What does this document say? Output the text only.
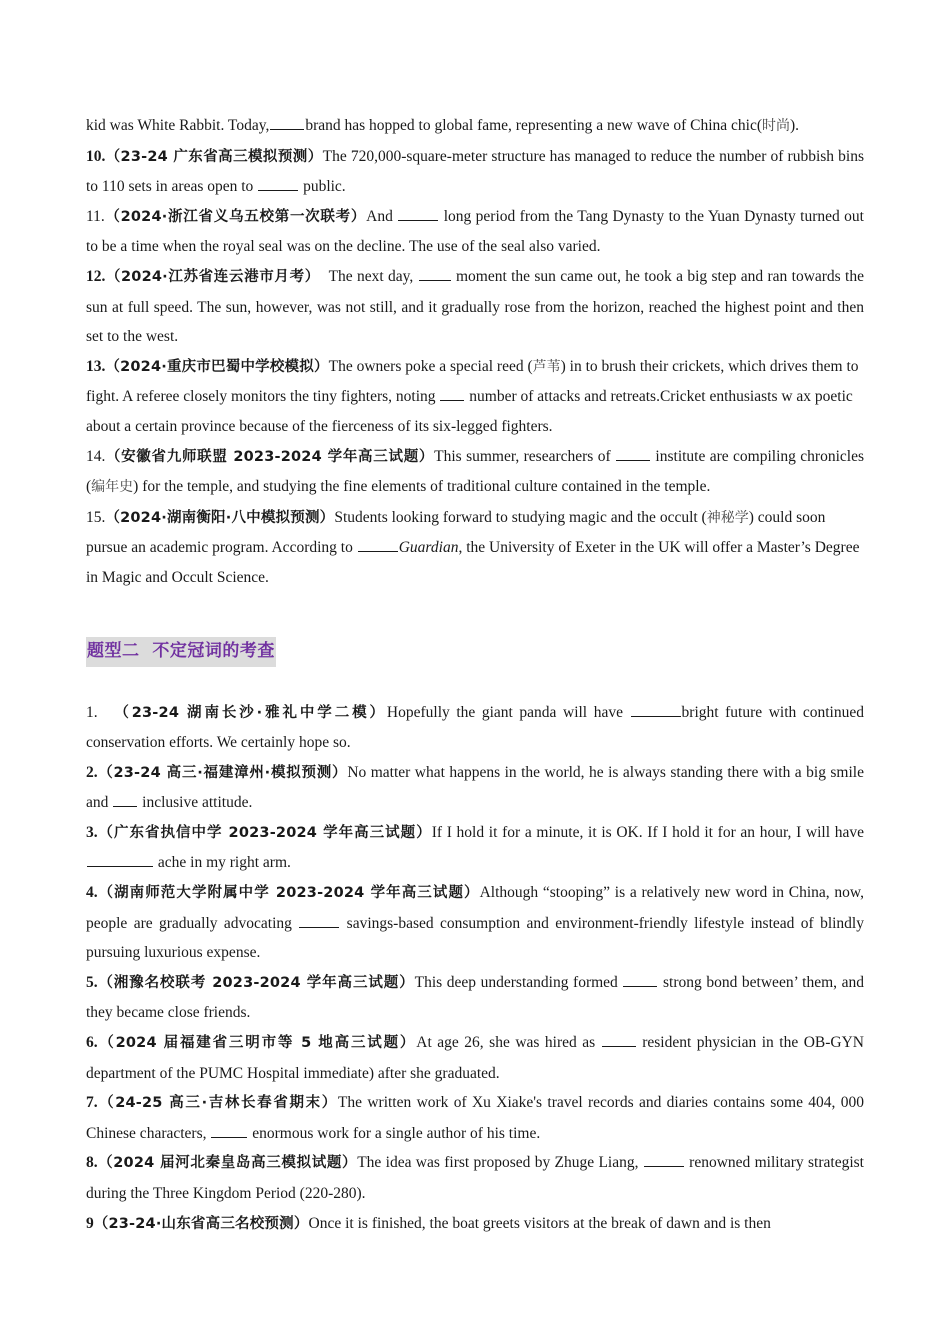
kid was White Rabbit. Today, brand has hopped to global fame, representing a new wave of China chic(时尚).

10.（23-24 广东省高三模拟预测）The 720,000-square-meter structure has managed to reduce the number of rubbish bins to 110 sets in areas open to	public.

11.（2024·浙江省义乌五校第一次联考）And	long period from the Tang Dynasty to the Yuan Dynasty turned out to be a time when the royal seal was on the decline. The use of the seal also varied.

12.（2024·江苏省连云港市月考）  The next day,  moment the sun came out, he took a big step and ran towards the sun at full speed. The sun, however, was not still, and it gradually rose from the horizon, reached the highest point and then set to the west.

13.（2024·重庆市巴蜀中学校模拟）The owners poke a special reed (芦苇) in to brush their crickets, which drives them to fight. A referee closely monitors the tiny fighters, noting  number of attacks and retreats.Cricket enthusiasts w ax poetic about a certain province because of the fierceness of its six-legged fighters.

14.（安徽省九师联盟 2023-2024 学年高三试题）This summer, researchers of  institute are compiling chronicles (编年史) for the temple, and studying the fine elements of traditional culture contained in the temple.

15.（2024·湖南衡阳·八中模拟预测）Students looking forward to studying magic and the occult (神秘学) could soon pursue an academic program. According to	Guardian, the University of Exeter in the UK will offer a Master’s Degree in Magic and Occult Science.

题型二  不定冠词的考查

1. （23-24 湖南长沙·雅礼中学二模）Hopefully the giant panda will have	bright future with continued conservation efforts. We certainly hope so.

2.（23-24 高三·福建漳州·模拟预测）No matter what happens in the world, he is always standing there with a big smile and  inclusive attitude.

3.（广东省执信中学 2023-2024 学年高三试题）If I hold it for a minute, it is OK. If I hold it for an hour, I will have ache in my right arm.

4.（湖南师范大学附属中学 2023-2024 学年高三试题）Although “stooping” is a relatively new word in China, now, people are gradually advocating	savings-based consumption and environment-friendly lifestyle instead of blindly pursuing luxurious expense.

5.（湘豫名校联考 2023-2024 学年高三试题）This deep understanding formed  strong bond between’ them, and they became close friends.

6.（2024 届福建省三明市等 5 地高三试题）At age 26, she was hired as  resident physician in the OB-GYN department of the PUMC Hospital immediate) after she graduated.

7.（24-25 高三·吉林长春省期末）The written work of Xu Xiake's travel records and diaries contains some 404, 000 Chinese characters,  enormous work for a single author of his time.

8.（2024 届河北秦皇岛高三模拟试题）The idea was first proposed by Zhuge Liang,	renowned military strategist during the Three Kingdom Period (220-280).

9（23-24·山东省高三名校预测）Once it is finished, the boat greets visitors at the break of dawn and is then
